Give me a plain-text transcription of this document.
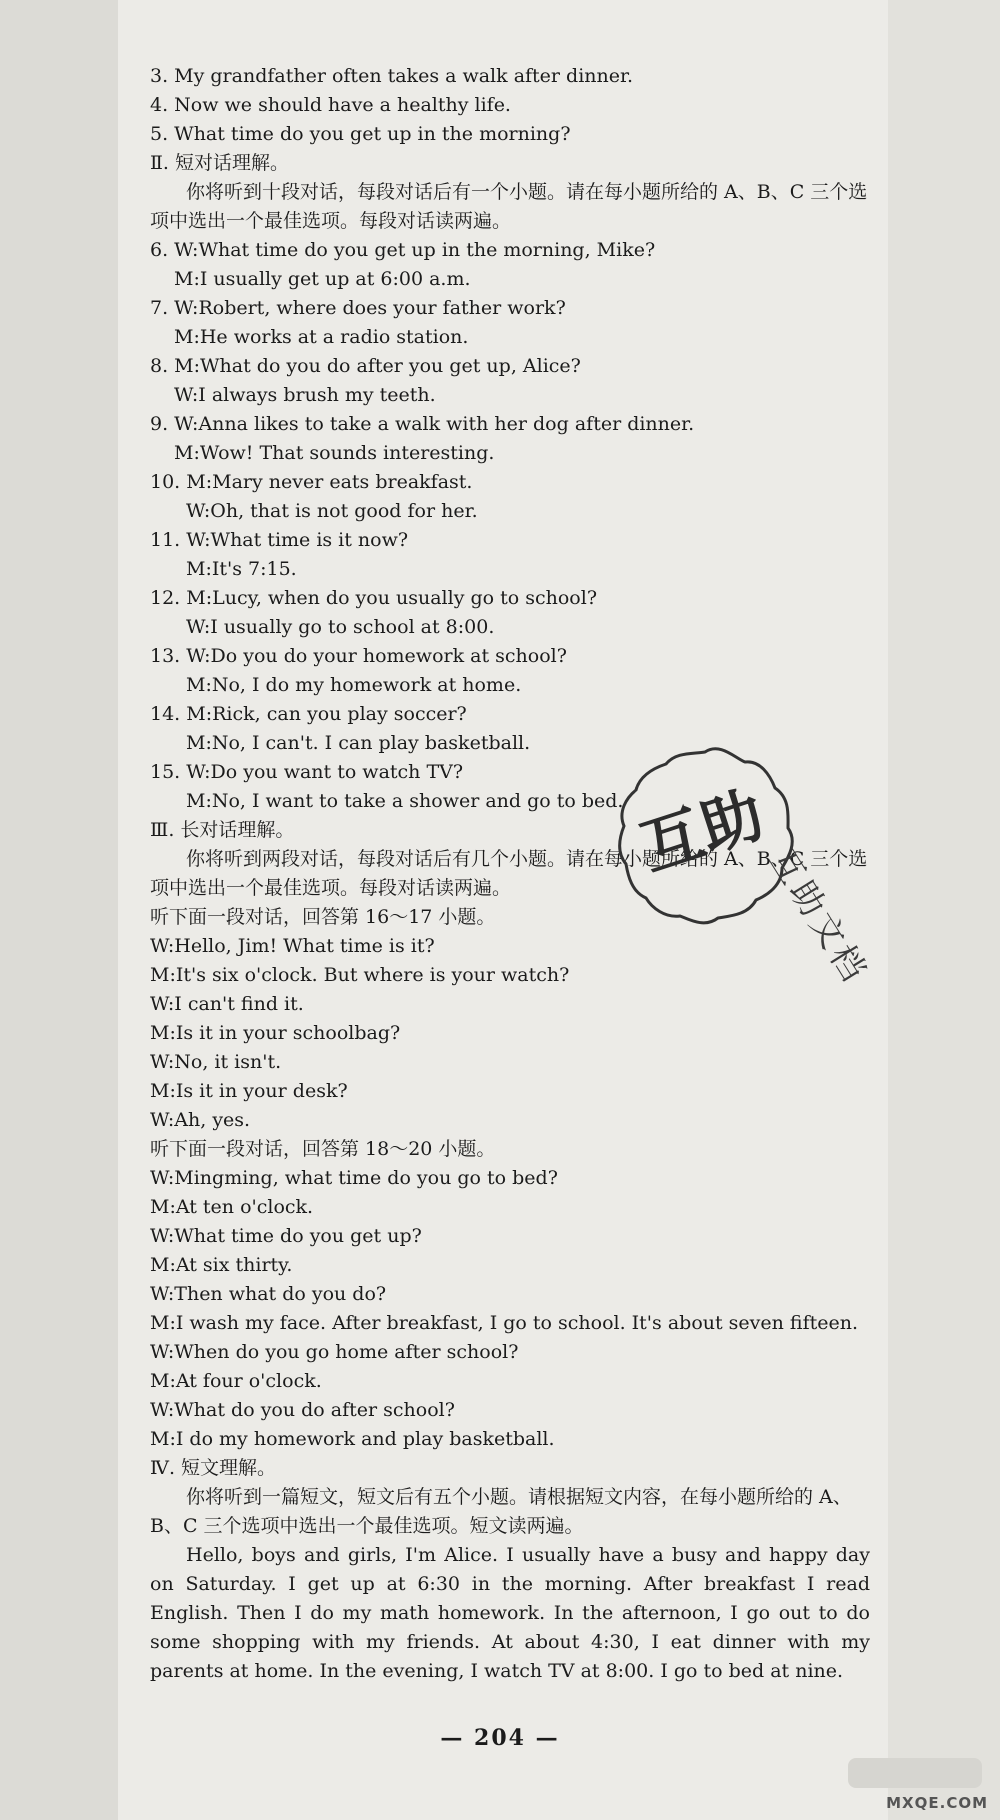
3. My grandfather often takes a walk after dinner.
4. Now we should have a healthy life.
5. What time do you get up in the morning?
Ⅱ. 短对话理解。
你将听到十段对话，每段对话后有一个小题。请在每小题所给的 A、B、C 三个选项中选出一个最佳选项。每段对话读两遍。
6. W:What time do you get up in the morning, Mike?
M:I usually get up at 6:00 a.m.
7. W:Robert, where does your father work?
M:He works at a radio station.
8. M:What do you do after you get up, Alice?
W:I always brush my teeth.
9. W:Anna likes to take a walk with her dog after dinner.
M:Wow! That sounds interesting.
10. M:Mary never eats breakfast.
W:Oh, that is not good for her.
11. W:What time is it now?
M:It's 7:15.
12. M:Lucy, when do you usually go to school?
W:I usually go to school at 8:00.
13. W:Do you do your homework at school?
M:No, I do my homework at home.
14. M:Rick, can you play soccer?
M:No, I can't. I can play basketball.
15. W:Do you want to watch TV?
M:No, I want to take a shower and go to bed.
Ⅲ. 长对话理解。
你将听到两段对话，每段对话后有几个小题。请在每小题所给的 A、B、C 三个选项中选出一个最佳选项。每段对话读两遍。
听下面一段对话，回答第 16～17 小题。
W:Hello, Jim! What time is it?
M:It's six o'clock. But where is your watch?
W:I can't find it.
M:Is it in your schoolbag?
W:No, it isn't.
M:Is it in your desk?
W:Ah, yes.
听下面一段对话，回答第 18～20 小题。
W:Mingming, what time do you go to bed?
M:At ten o'clock.
W:What time do you get up?
M:At six thirty.
W:Then what do you do?
M:I wash my face. After breakfast, I go to school. It's about seven fifteen.
W:When do you go home after school?
M:At four o'clock.
W:What do you do after school?
M:I do my homework and play basketball.
Ⅳ. 短文理解。
你将听到一篇短文，短文后有五个小题。请根据短文内容，在每小题所给的 A、B、C 三个选项中选出一个最佳选项。短文读两遍。
Hello, boys and girls, I'm Alice. I usually have a busy and happy day on Saturday. I get up at 6:30 in the morning. After breakfast I read English. Then I do my math homework. In the afternoon, I go out to do some shopping with my friends. At about 4:30, I eat dinner with my parents at home. In the evening, I watch TV at 8:00. I go to bed at nine.
— 204 —
互助
互助文档
MXQE.COM
